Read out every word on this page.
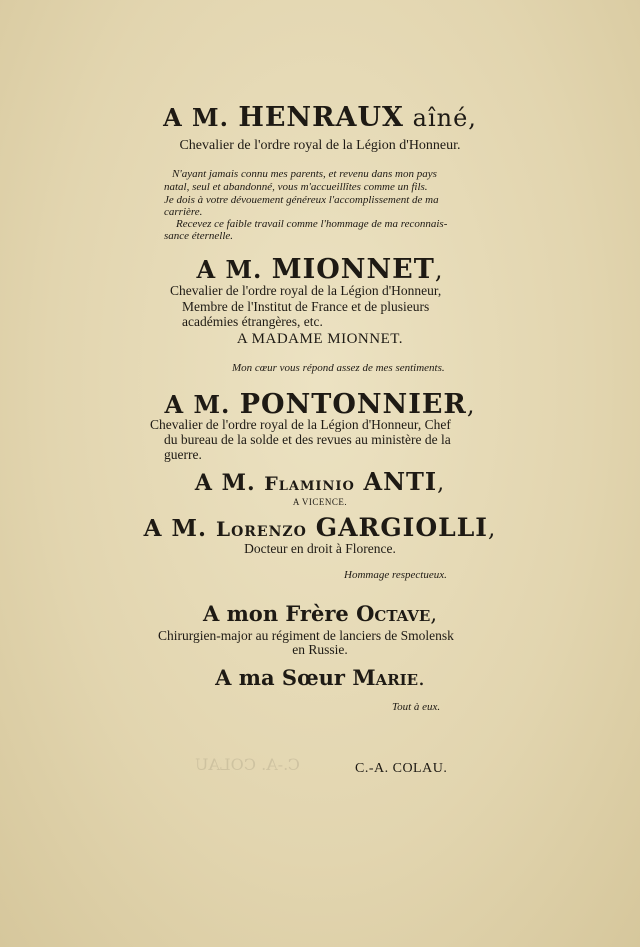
C.-A. COLAU
A M. HENRAUX aîné,
Chevalier de l'ordre royal de la Légion d'Honneur.
N'ayant jamais connu mes parents, et revenu dans mon pays
natal, seul et abandonné, vous m'accueillîtes comme un fils.
Je dois à votre dévouement généreux l'accomplissement de ma
carrière.
Recevez ce faible travail comme l'hommage de ma reconnais-
sance éternelle.
A M. MIONNET,
Chevalier de l'ordre royal de la Légion d'Honneur,
Membre de l'Institut de France et de plusieurs
académies étrangères, etc.
A MADAME MIONNET.
Mon cœur vous répond assez de mes sentiments.
A M. PONTONNIER,
Chevalier de l'ordre royal de la Légion d'Honneur, Chef
du bureau de la solde et des revues au ministère de la
guerre.
A M. Flaminio ANTI,
A VICENCE.
A M. Lorenzo GARGIOLLI,
Docteur en droit à Florence.
Hommage respectueux.
A mon Frère Octave,
Chirurgien-major au régiment de lanciers de Smolensk
en Russie.
A ma Sœur Marie.
Tout à eux.
C.-A. COLAU.
